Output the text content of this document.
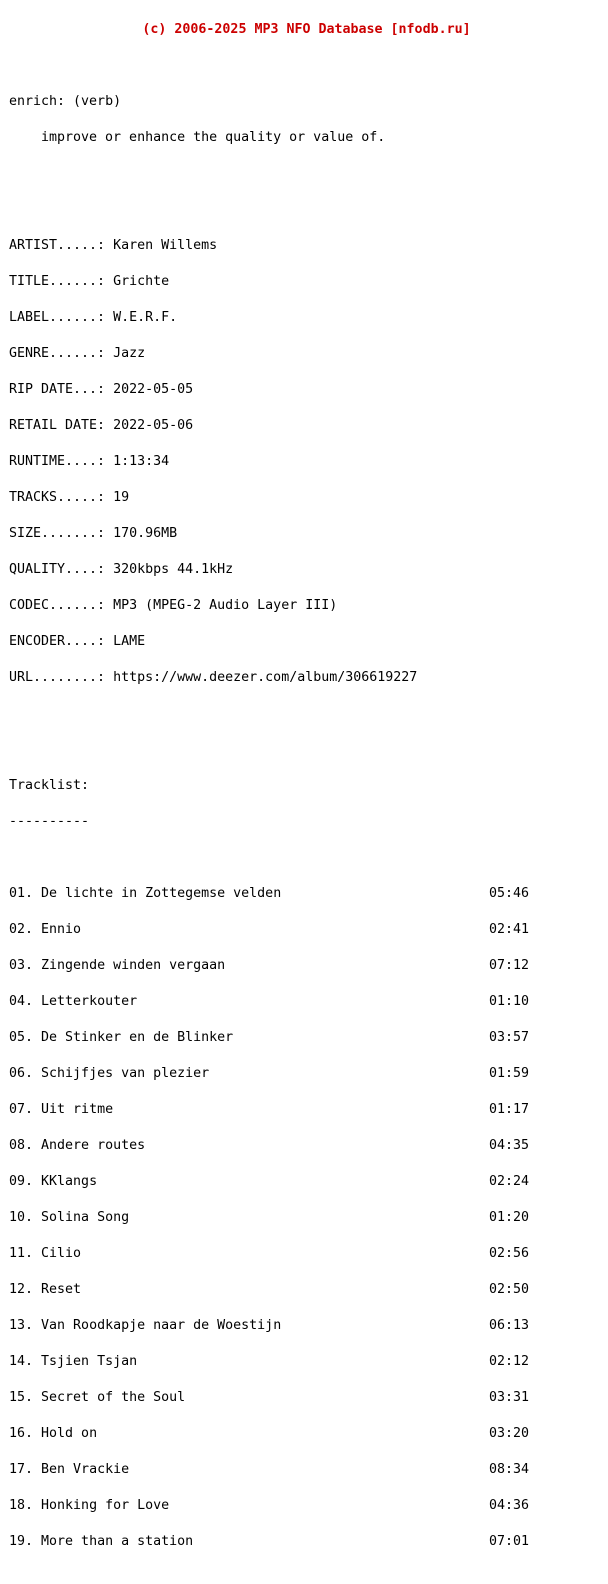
(c) 2006-2025 MP3 NFO Database [nfodb.ru]

enrich: (verb)

improve or enhance the quality or value of.

ARTIST.....: Karen Willems

TITLE......: Grichte

LABEL......: W.E.R.F.

GENRE......: Jazz

RIP DATE...: 2022-05-05

RETAIL DATE: 2022-05-06

RUNTIME....: 1:13:34

TRACKS.....: 19

SIZE.......: 170.96MB

QUALITY....: 320kbps 44.1kHz

CODEC......: MP3 (MPEG-2 Audio Layer III)

ENCODER....: LAME

URL........: https://www.deezer.com/album/306619227

Tracklist:

----------

01. De lichte in Zottegemse velden	05:46

02. Ennio	02:41

03. Zingende winden vergaan	07:12

04. Letterkouter	01:10

05. De Stinker en de Blinker	03:57

06. Schijfjes van plezier	01:59

07. Uit ritme	01:17

08. Andere routes	04:35

09. KKlangs	02:24

10. Solina Song	01:20

11. Cilio	02:56

12. Reset	02:50

13. Van Roodkapje naar de Woestijn	06:13

14. Tsjien Tsjan	02:12

15. Secret of the Soul	03:31

16. Hold on	03:20

17. Ben Vrackie	08:34

18. Honking for Love	04:36

19. More than a station	07:01
